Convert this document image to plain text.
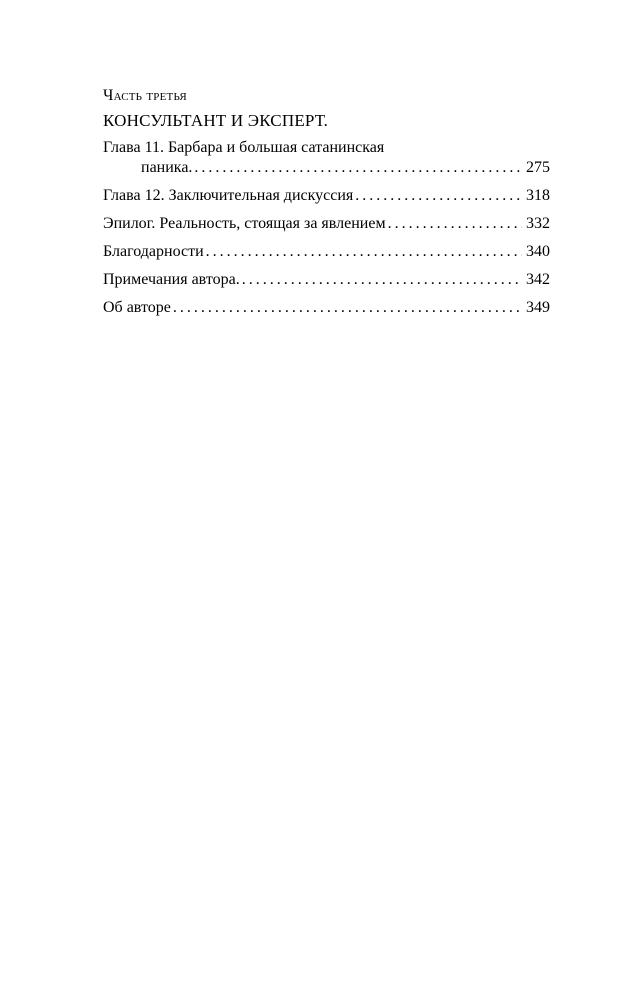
Часть третья

КОНСУЛЬТАНТ И ЭКСПЕРТ.

Глава 11. Барбара и большая сатанинская
паника. . . .	275
Глава 12. Заключительная дискуссия . . .	318
Эпилог. Реальность, стоящая за явлением . . .	332
Благодарности . . .	340
Примечания автора. . . .	342
Об авторе . . .	349
